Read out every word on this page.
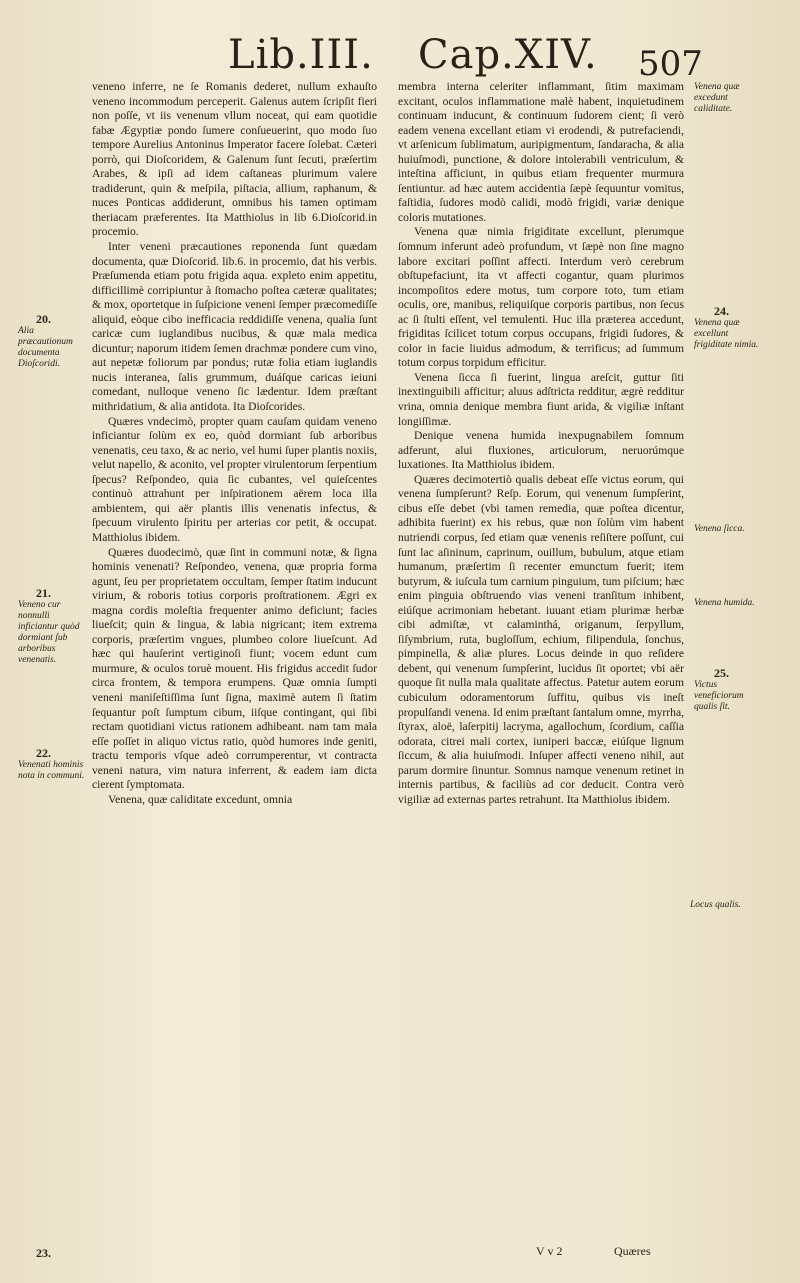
Lib.III. Cap.XIV. 507

veneno inferre, ne ſe Romanis dederet, nullum exhauſto veneno incommodum perceperit. Galenus autem ſcripſit fieri non poſſe, vt iis venenum vllum noceat, qui eam quotidie fabæ Ægyptiæ pondo ſumere conſueuerint, quo modo ſuo tempore Aurelius Antoninus Imperator facere ſolebat. Cæteri porrò, qui Dioſcoridem, & Galenum ſunt ſecuti, præſertim Arabes, & ipſi ad idem caſtaneas plurimum valere tradiderunt, quin & meſpila, piſtacia, allium, raphanum, & nuces Ponticas addiderunt, omnibus his tamen optimam theriacam præferentes. Ita Matthiolus in lib 6.Dioſcorid.in procemio.

Inter veneni præcautiones reponenda ſunt quædam documenta, quæ Dioſcorid. lib.6. in procemio, dat his verbis. Præſumenda etiam potu frigida aqua. expleto enim appetitu, difficillimè corripiuntur à ſtomacho poſtea cæteræ qualitates; & mox, oportetque in ſuſpicione veneni ſemper præcomediſſe aliquid, eòque cibo inefficacia reddidiſſe venena, qualia ſunt caricæ cum iuglandibus nucibus, & quæ mala medica dicuntur; naporum itidem ſemen drachmæ pondere cum vino, aut nepetæ foliorum par pondus; rutæ folia etiam iuglandis nucis interanea, ſalis grummum, duáſque caricas ieiuni comedant, nulloque veneno ſic lædentur. Idem præſtant mithridatium, & alia antidota. Ita Dioſcorides.

Quæres vndecimò, propter quam cauſam quidam veneno inficiantur ſolùm ex eo, quòd dormiant ſub arboribus venenatis, ceu taxo, & ac nerio, vel humi ſuper plantis noxiis, velut napello, & aconito, vel propter virulentorum ſerpentium ſpecus? Reſpondeo, quia ſic cubantes, vel quieſcentes continuò attrahunt per inſpirationem aërem loca illa ambientem, qui aër plantis illis venenatis infectus, & ſpecuum virulento ſpiritu per arterias cor petit, & occupat. Matthiolus ibidem.

Quæres duodecimò, quæ ſint in communi notæ, & ſigna hominis venenati? Reſpondeo, venena, quæ propria forma agunt, ſeu per proprietatem occultam, ſemper ſtatim inducunt virium, & roboris totius corporis proſtrationem. Ægri ex magna cordis moleſtia frequenter animo deficiunt; facies liueſcit; quin & lingua, & labia nigricant; item extrema corporis, præſertim vngues, plumbeo colore liueſcunt. Ad hæc qui hauſerint vertiginoſi fiunt; vocem edunt cum murmure, & oculos toruè mouent. His frigidus accedit ſudor circa frontem, & tempora erumpens. Quæ omnia ſumpti veneni maniſeſtiſſima ſunt ſigna, maximè autem ſi ſtatim ſequantur poſt ſumptum cibum, iiſque contingant, qui ſibi rectam quotidiani victus rationem adhibeant. nam tam mala eſſe poſſet in aliquo victus ratio, quòd humores inde geniti, tractu temporis vſque adeò corrumperentur, vt contracta veneni natura, vim natura inferrent, & eadem iam dicta cierent ſymptomata.

Venena, quæ caliditate excedunt, omnia

membra interna celeriter inflammant, ſitim maximam excitant, oculos inflammatione malè habent, inquietudinem continuam inducunt, & continuum ſudorem cient; ſi verò eadem venena excellant etiam vi erodendi, & putrefaciendi, vt arſenicum ſublimatum, auripigmentum, ſandaracha, & alia huiuſmodi, punctione, & dolore intolerabili ventriculum, & inteſtina afficiunt, in quibus etiam frequenter murmura ſentiuntur. ad hæc autem accidentia ſæpè ſequuntur vomitus, faſtidia, ſudores modò calidi, modò frigidi, variæ denique coloris mutationes.

Venena quæ nimia frigiditate excellunt, plerumque ſomnum inferunt adeò profundum, vt ſæpè non ſine magno labore excitari poſſint affecti. Interdum verò cerebrum obſtupefaciunt, ita vt affecti cogantur, quam plurimos incompoſitos edere motus, tum corpore toto, tum etiam oculis, ore, manibus, reliquiſque corporis partibus, non ſecus ac ſi ſtulti eſſent, vel temulenti. Huc illa præterea accedunt, frigiditas ſcilicet totum corpus occupans, frigidi ſudores, & color in facie liuidus admodum, & terrificus; ad ſummum totum corpus torpidum efficitur.

Venena ſicca ſi fuerint, lingua areſcit, guttur ſiti inextinguibili afficitur; aluus adſtricta redditur, ægrè redditur vrina, omnia denique membra fiunt arida, & vigiliæ inſtant longiſſimæ.

Denique venena humida inexpugnabilem ſomnum adferunt, alui fluxiones, articulorum, neruorúmque luxationes. Ita Matthiolus ibidem.

Quæres decimotertiò qualis debeat eſſe victus eorum, qui venena ſumpſerunt? Reſp. Eorum, qui venenum ſumpſerint, cibus eſſe debet (vbi tamen remedia, quæ poſtea dicentur, adhibita fuerint) ex his rebus, quæ non ſolùm vim habent nutriendi corpus, ſed etiam quæ venenis reſiſtere poſſunt, cui ſunt lac aſininum, caprinum, ouillum, bubulum, atque etiam humanum, præſertim ſi recenter emunctum fuerit; item butyrum, & iuſcula tum carnium pinguium, tum piſcium; hæc enim pinguia obſtruendo vias veneni tranſitum inhibent, eiúſque acrimoniam hebetant. iuuant etiam plurimæ herbæ cibi admiſtæ, vt calaminthá, origanum, ſerpyllum, ſiſymbrium, ruta, bugloſſum, echium, filipendula, ſonchus, pimpinella, & aliæ plures. Locus deinde in quo reſidere debent, qui venenum ſumpſerint, lucidus ſit oportet; vbi aër quoque ſit nulla mala qualitate affectus. Patetur autem eorum cubiculum odoramentorum ſuffitu, quibus vis ineſt propulſandi venena. Id enim præſtant ſantalum omne, myrrha, ſtyrax, aloë, laſerpitij lacryma, agallochum, ſcordium, caſſia odorata, citrei mali cortex, iuniperi baccæ, eiúſque lignum ſiccum, & alia huiuſmodi. Inſuper affecti veneno nihil, aut parum dormire ſinuntur. Somnus namque venenum retinet in internis partibus, & faciliùs ad cor deducit. Contra verò vigiliæ ad externas partes retrahunt. Ita Matthiolus ibidem.

20.
Alia præcautionum documenta Dioſcoridi.
21.
Veneno cur nonnulli inficiantur quòd dormiant ſub arboribus venenatis.
22.
Venenati hominis nota in communi.
23.
Venena quæ excedunt caliditate.
24.
Venena quæ excellunt frigiditate nimia.
Venena ſicca.
Venena humida.
25.
Victus veneficiorum qualis ſit.
Locus qualis.
V v 2	Quæres
